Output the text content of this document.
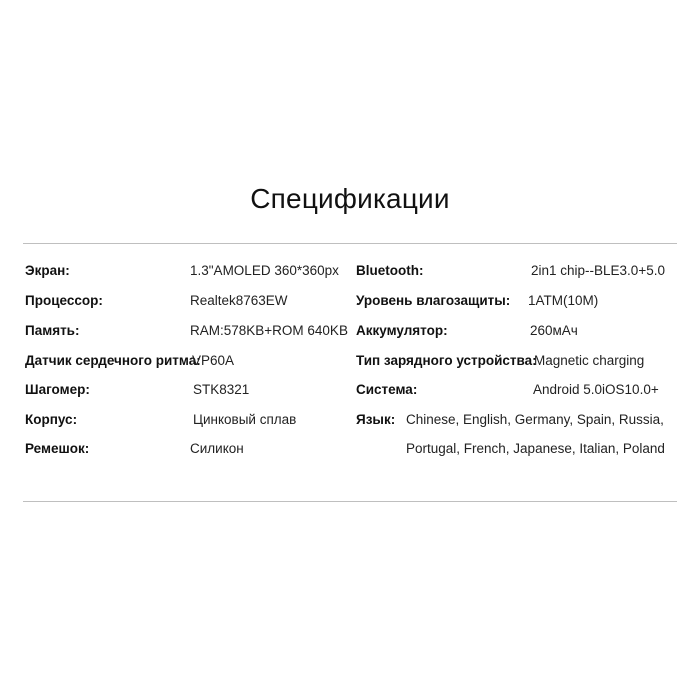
Спецификации
Экран:	1.3"AMOLED 360*360px
Процессор:	Realtek8763EW
Память:	RAM:578KB+ROM 640KB
Датчик сердечного ритма:
VP60A
Шагомер:	STK8321
Корпус:	Цинковый сплав
Ремешок:	Силикон
Bluetooth:	2in1 chip--BLE3.0+5.0
Уровень влагозащиты: 1ATM(10M)
Аккумулятор:	260мАч
Тип зарядного устройства:
Magnetic charging
Система:	Android 5.0iOS10.0+
Язык: Chinese, English, Germany, Spain, Russia,
Portugal, French, Japanese, Italian, Poland
